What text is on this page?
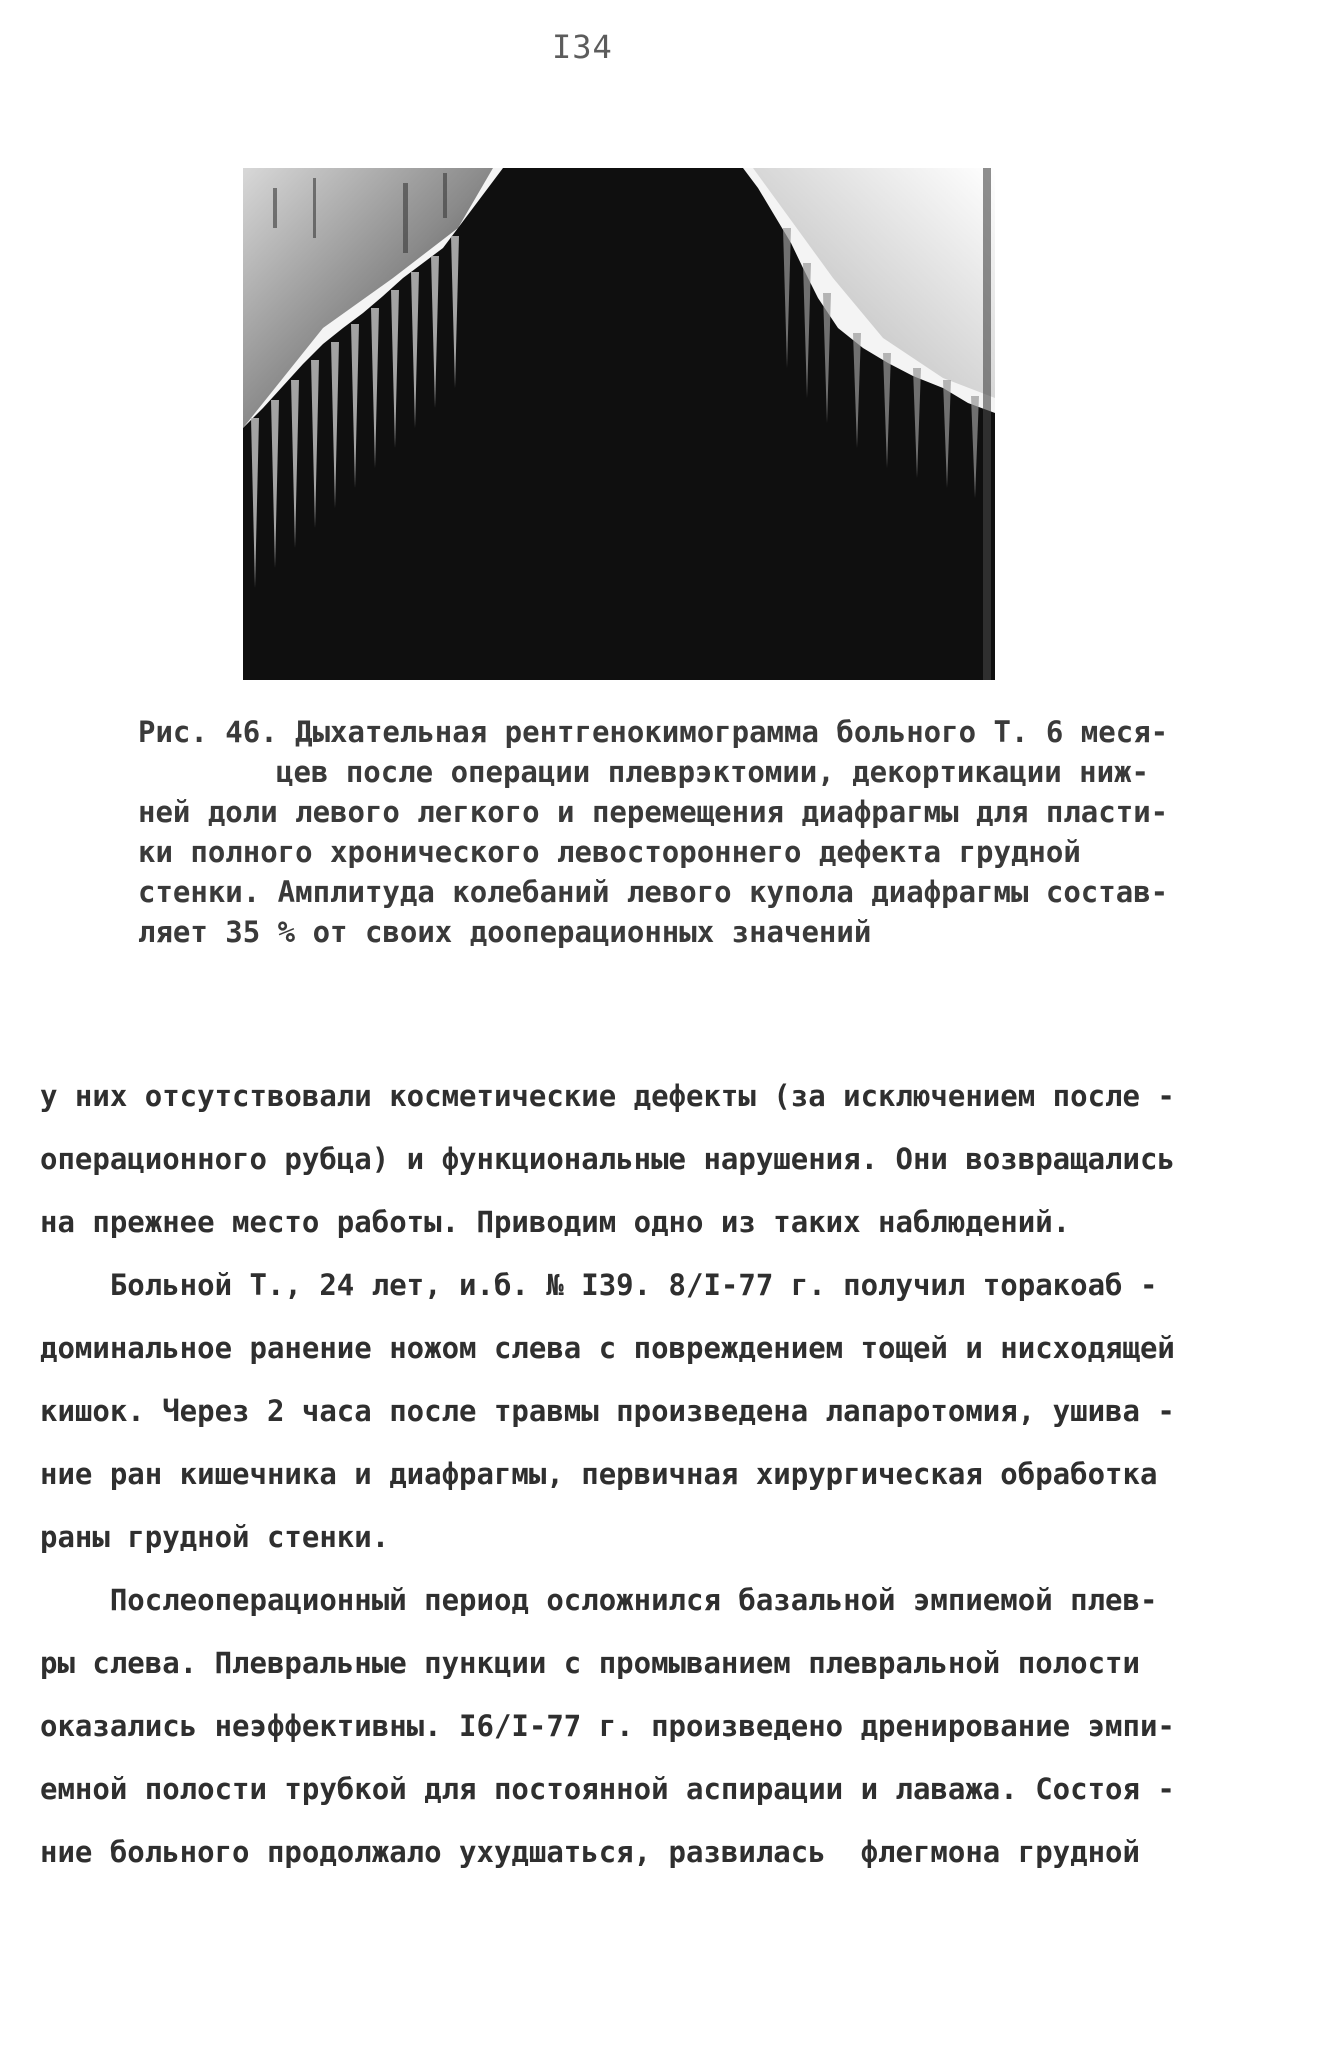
I34
Рис. 46. Дыхательная рентгенокимограмма больного Т. 6 меся-
цев после операции плеврэктомии, декортикации ниж-
ней доли левого легкого и перемещения диафрагмы для пласти-
ки полного хронического левостороннего дефекта грудной
стенки. Амплитуда колебаний левого купола диафрагмы состав-
ляет 35 % от своих дооперационных значений
у них отсутствовали косметические дефекты (за исключением после -
операционного рубца) и функциональные нарушения. Они возвращались
на прежнее место работы. Приводим одно из таких наблюдений.
Больной Т., 24 лет, и.б. № I39. 8/I-77 г. получил торакоаб -
доминальное ранение ножом слева с повреждением тощей и нисходящей
кишок. Через 2 часа после травмы произведена лапаротомия, ушива -
ние ран кишечника и диафрагмы, первичная хирургическая обработка
раны грудной стенки.
Послеоперационный период осложнился базальной эмпиемой плев-
ры слева. Плевральные пункции с промыванием плевральной полости
оказались неэффективны. I6/I-77 г. произведено дренирование эмпи-
емной полости трубкой для постоянной аспирации и лаважа. Состоя -
ние больного продолжало ухудшаться, развилась  флегмона грудной
